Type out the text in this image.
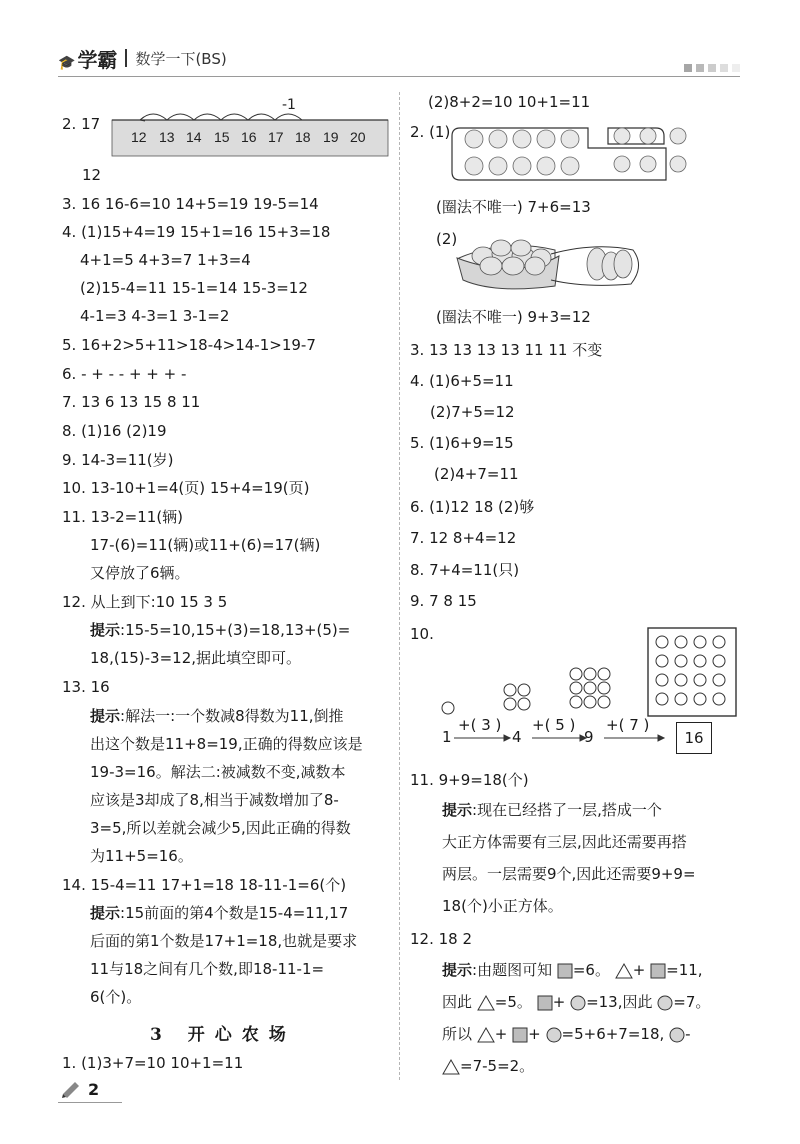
🎓 学霸 数学一下(BS)
2. 17
-1
12 13 14 15 16 17 18 19 20
12
3. 16 16-6=10 14+5=19 19-5=14
4. (1)15+4=19 15+1=16 15+3=18
4+1=5 4+3=7 1+3=4
(2)15-4=11 15-1=14 15-3=12
4-1=3 4-3=1 3-1=2
5. 16+2>5+11>18-4>14-1>19-7
6. - + - - + + + -
7. 13 6 13 15 8 11
8. (1)16 (2)19
9. 14-3=11(岁)
10. 13-10+1=4(页) 15+4=19(页)
11. 13-2=11(辆)
17-(6)=11(辆)或11+(6)=17(辆)
又停放了6辆。
12. 从上到下:10 15 3 5
提示:15-5=10,15+(3)=18,13+(5)=
18,(15)-3=12,据此填空即可。
13. 16
提示:解法一:一个数减8得数为11,倒推
出这个数是11+8=19,正确的得数应该是
19-3=16。解法二:被减数不变,减数本
应该是3却成了8,相当于减数增加了8-
3=5,所以差就会减少5,因此正确的得数
为11+5=16。
14. 15-4=11 17+1=18 18-11-1=6(个)
提示:15前面的第4个数是15-4=11,17
后面的第1个数是17+1=18,也就是要求
11与18之间有几个数,即18-11-1=
6(个)。
3 开心农场
1. (1)3+7=10 10+1=11
2
(2)8+2=10 10+1=11
2. (1)
(圈法不唯一) 7+6=13
(2)
(圈法不唯一) 9+3=12
3. 13 13 13 13 11 11 不变
4. (1)6+5=11
(2)7+5=12
5. (1)6+9=15
(2)4+7=11
6. (1)12 18 (2)够
7. 12 8+4=12
8. 7+4=11(只)
9. 7 8 15
10.
1
+( 3 )
4
+( 5 )
9
+( 7 )
16
11. 9+9=18(个)
提示:现在已经搭了一层,搭成一个
大正方体需要有三层,因此还需要再搭
两层。一层需要9个,因此还需要9+9=
18(个)小正方体。
12. 18 2
提示:由题图可知 =6。 + =11,
因此 =5。 + =13,因此 =7。
所以 + + =5+6+7=18, -
=7-5=2。
